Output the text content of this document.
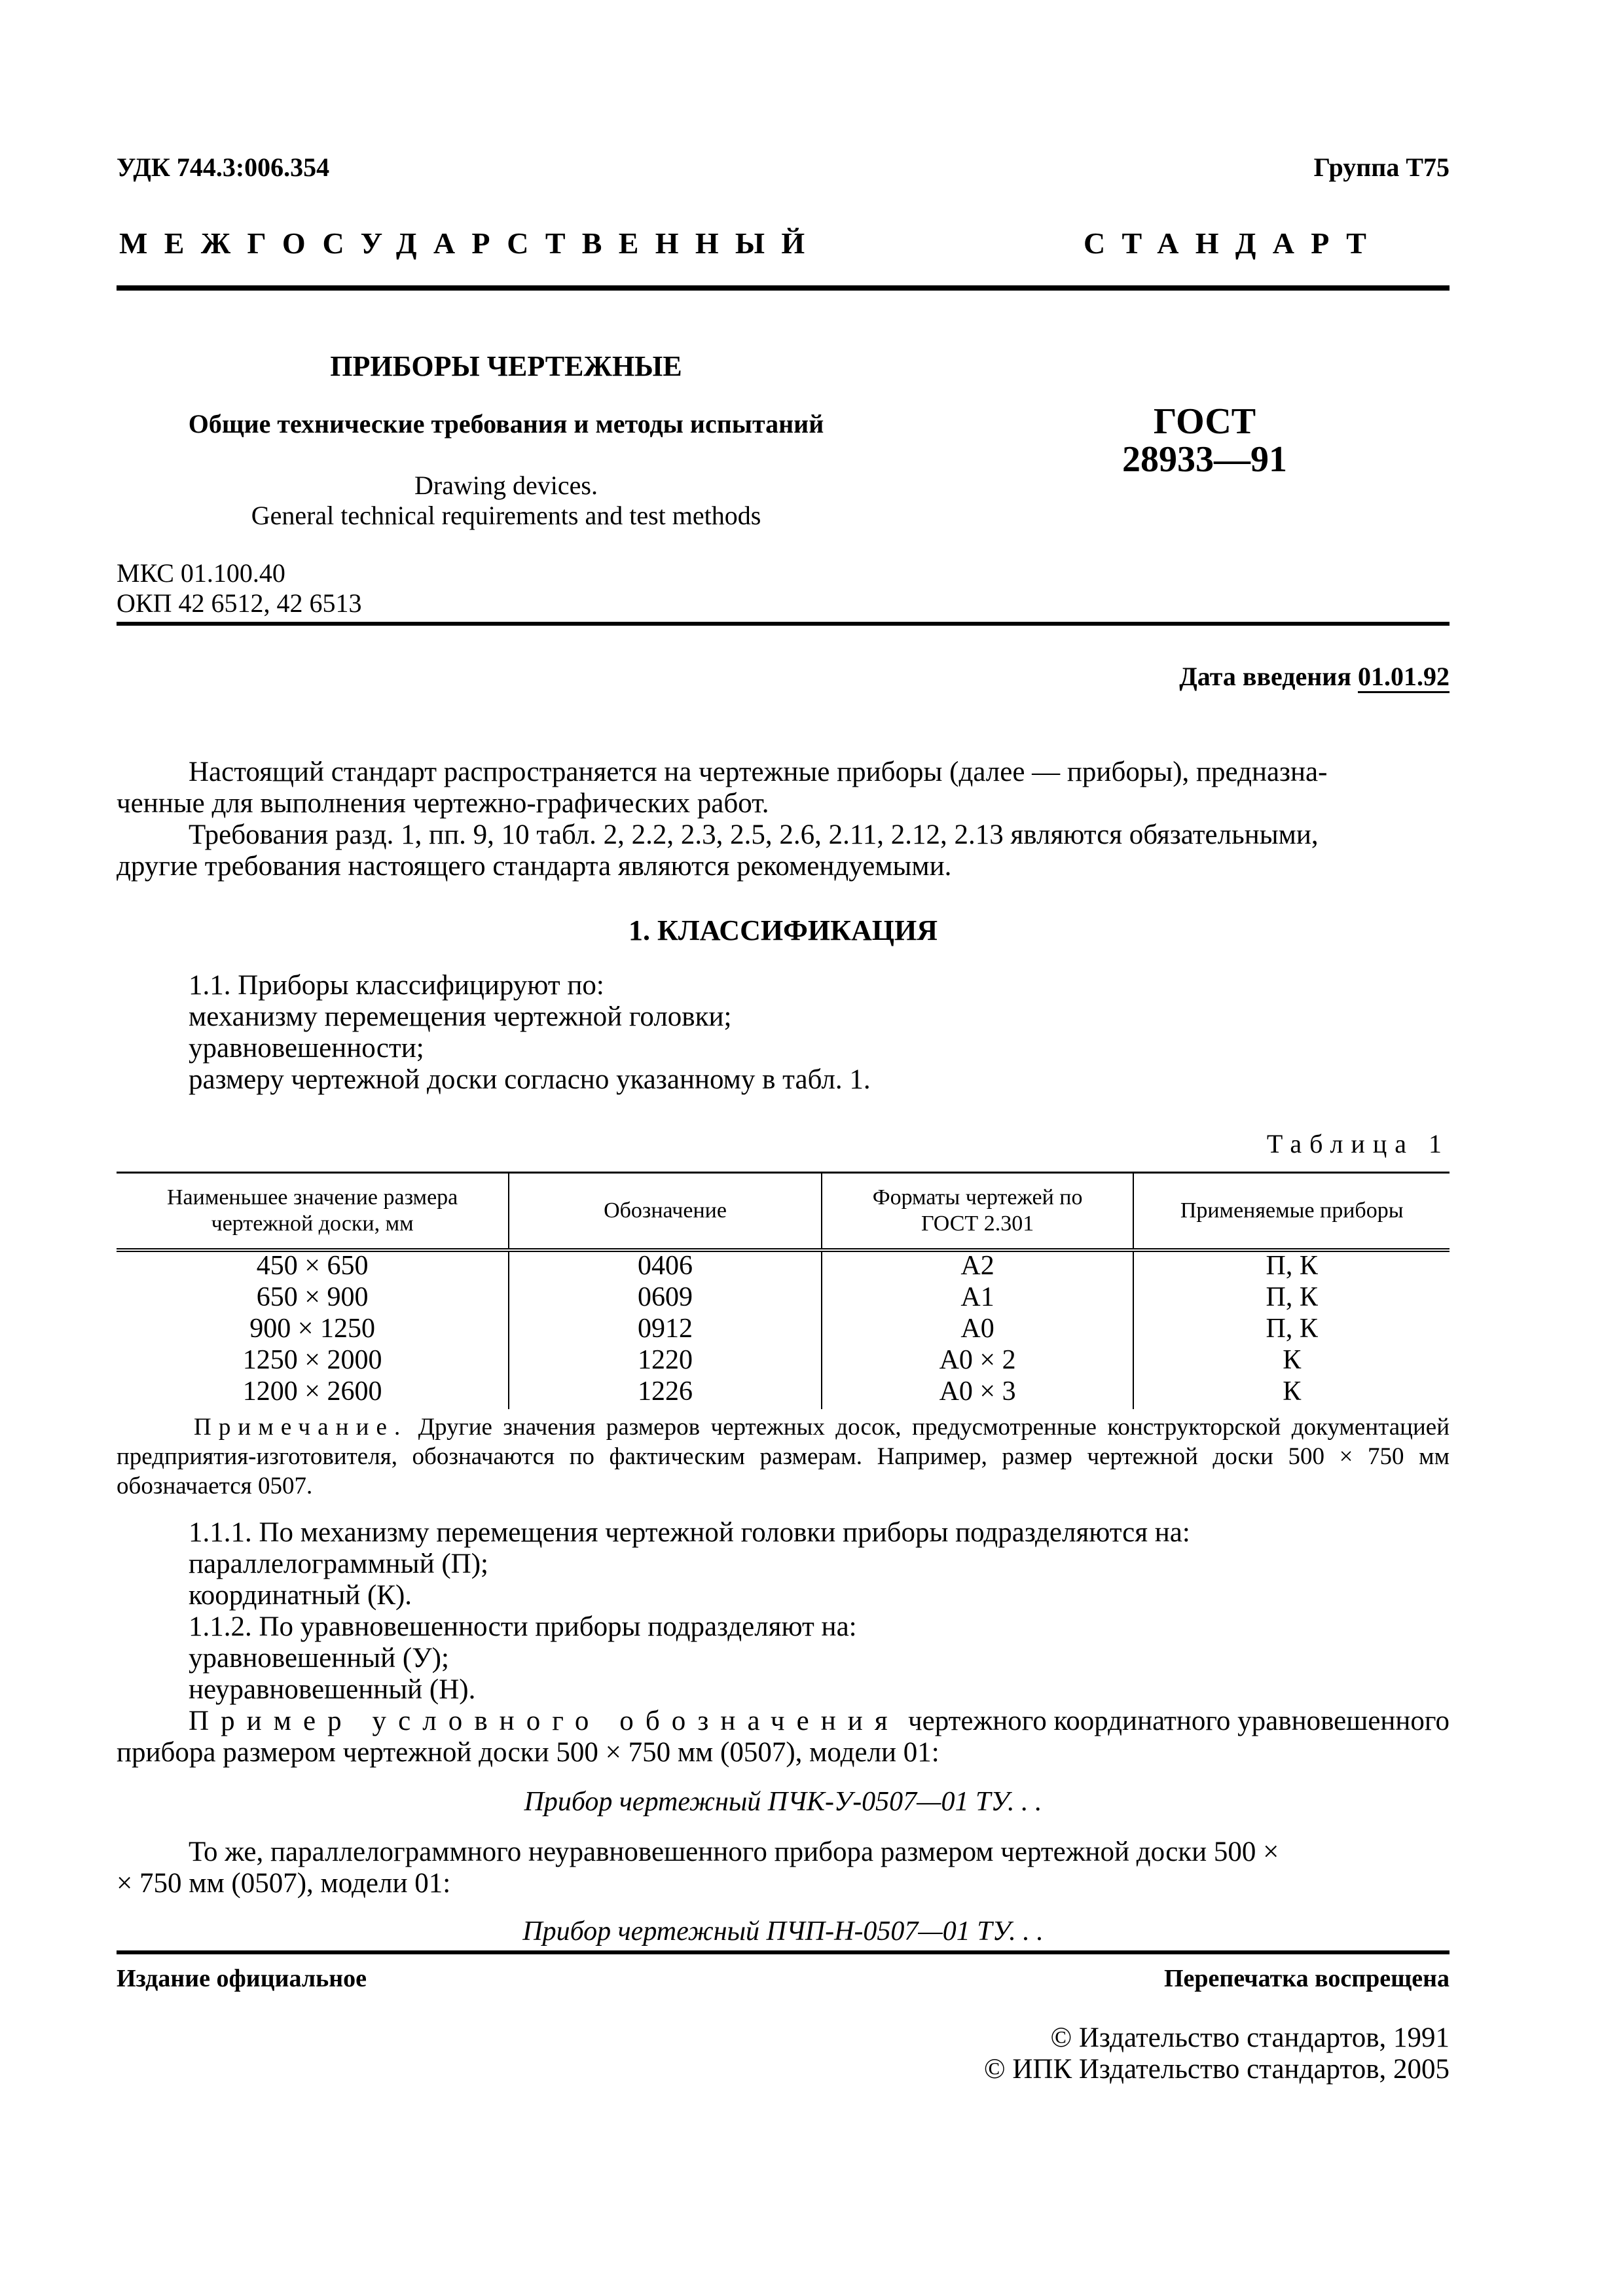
УДК 744.3:006.354	Группа Т75
МЕЖГОСУДАРСТВЕННЫЙ	СТАНДАРТ
ПРИБОРЫ ЧЕРТЕЖНЫЕ
Общие технические требования и методы испытаний
Drawing devices.
General technical requirements and test methods
ГОСТ
28933—91
МКС 01.100.40
ОКП 42 6512, 42 6513
Дата введения 01.01.92
Настоящий стандарт распространяется на чертежные приборы (далее — приборы), предназна-
ченные для выполнения чертежно-графических работ.
Требования разд. 1, пп. 9, 10 табл. 2, 2.2, 2.3, 2.5, 2.6, 2.11, 2.12, 2.13 являются обязательными,
другие требования настоящего стандарта являются рекомендуемыми.
1. КЛАССИФИКАЦИЯ
1.1. Приборы классифицируют по:
механизму перемещения чертежной головки;
уравновешенности;
размеру чертежной доски согласно указанному в табл. 1.
Таблица 1
Наименьшее значение размера чертежной доски, мм	Обозначение	Форматы чертежей по ГОСТ 2.301	Применяемые приборы
450 × 650	0406	А2	П, К
650 × 900	0609	А1	П, К
900 × 1250	0912	А0	П, К
1250 × 2000	1220	А0 × 2	К
1200 × 2600	1226	А0 × 3	К
Примечание. Другие значения размеров чертежных досок, предусмотренные конструкторской документацией предприятия-изготовителя, обозначаются по фактическим размерам. Например, размер чертежной доски 500 × 750 мм обозначается 0507.
1.1.1. По механизму перемещения чертежной головки приборы подразделяются на:
параллелограммный (П);
координатный (К).
1.1.2. По уравновешенности приборы подразделяют на:
уравновешенный (У);
неуравновешенный (Н).
Пример условного обозначения чертежного координатного уравновешенного
прибора размером чертежной доски 500 × 750 мм (0507), модели 01:
Прибор чертежный ПЧК-У-0507—01 ТУ. . .
То же, параллелограммного неуравновешенного прибора размером чертежной доски 500 ×
× 750 мм (0507), модели 01:
Прибор чертежный ПЧП-Н-0507—01 ТУ. . .
Издание официальное	Перепечатка воспрещена
© Издательство стандартов, 1991
© ИПК Издательство стандартов, 2005
